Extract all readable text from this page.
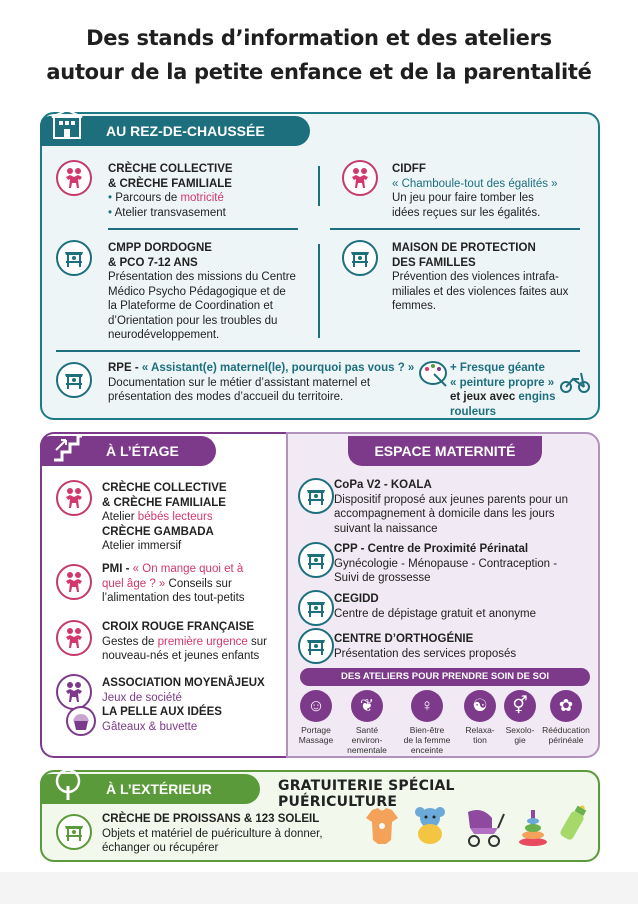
Des stands d’information et des ateliers
autour de la petite enfance et de la parentalité
AU REZ-DE-CHAUSSÉE
CRÈCHE COLLECTIVE
& CRÈCHE FAMILIALE
• Parcours de motricité
• Atelier transvasement
CIDFF
« Chamboule-tout des égalités »
Un jeu pour faire tomber les
idées reçues sur les égalités.
CMPP DORDOGNE
& PCO 7-12 ANS
Présentation des missions du Centre
Médico Psycho Pédagogique et de
la Plateforme de Coordination et
d’Orientation pour les troubles du
neurodéveloppement.
MAISON DE PROTECTION
DES FAMILLES
Prévention des violences intrafa-
miliales et des violences faites aux
femmes.
RPE - « Assistant(e) maternel(le), pourquoi pas vous ? »
Documentation sur le métier d’assistant maternel et
présentation des modes d’accueil du territoire.
+ Fresque géante
« peinture propre »
et jeux avec engins
rouleurs
À L’ÉTAGE
CRÈCHE COLLECTIVE
& CRÈCHE FAMILIALE
Atelier bébés lecteurs
CRÈCHE GAMBADA
Atelier immersif
PMI - « On mange quoi et à
quel âge ? » Conseils sur
l’alimentation des tout-petits
CROIX ROUGE FRANÇAISE
Gestes de première urgence sur
nouveau-nés et jeunes enfants
ASSOCIATION MOYENÂJEUX
Jeux de société
LA PELLE AUX IDÉES
Gâteaux & buvette
ESPACE MATERNITÉ
CoPa V2 - KOALA
Dispositif proposé aux jeunes parents pour un
accompagnement à domicile dans les jours
suivant la naissance
CPP - Centre de Proximité Périnatal
Gynécologie - Ménopause - Contraception -
Suivi de grossesse
CEGIDD
Centre de dépistage gratuit et anonyme
CENTRE D’ORTHOGÉNIE
Présentation des services proposés
DES ATELIERS POUR PRENDRE SOIN DE SOI
☺
Portage
Massage
❦
Santé environ-
nementale
♀
Bien-être
de la femme
enceinte
☯
Relaxa-
tion
⚥
Sexolo-
gie
✿
Rééducation
périnéale
À L’EXTÉRIEUR	GRATUITERIE SPÉCIAL PUÉRICULTURE
CRÈCHE DE PROISSANS & 123 SOLEIL
Objets et matériel de puériculture à donner,
échanger ou récupérer
